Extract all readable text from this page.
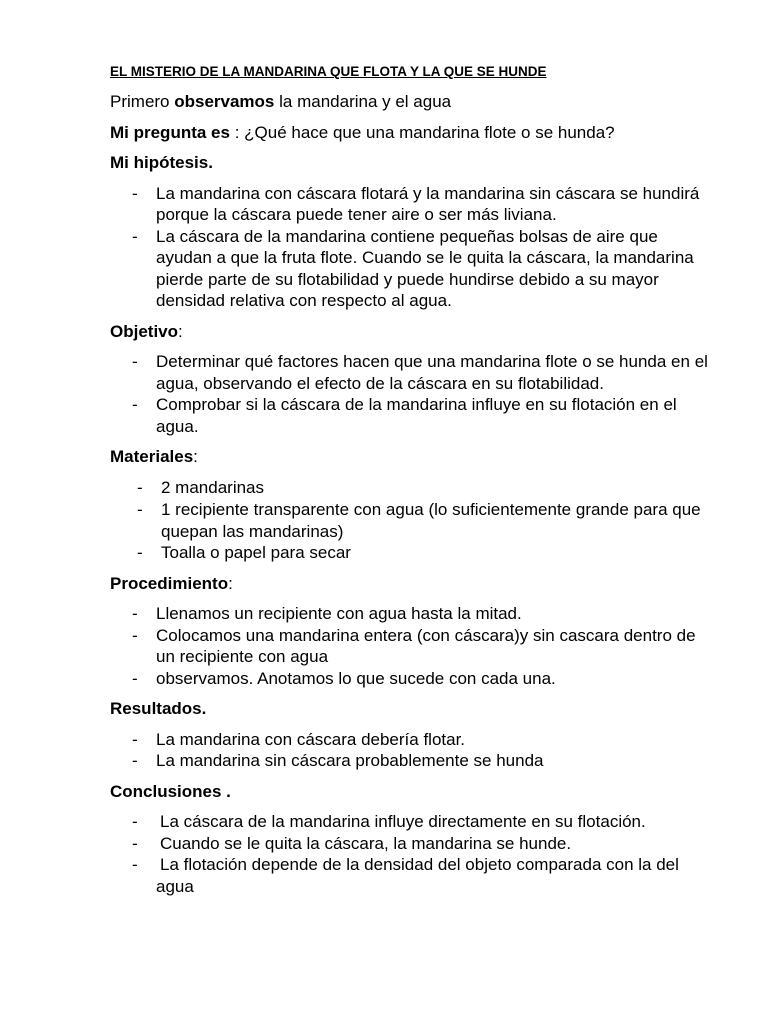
EL MISTERIO DE LA MANDARINA QUE FLOTA Y LA QUE SE HUNDE
Primero observamos la mandarina y el agua
Mi pregunta es : ¿Qué hace que una mandarina flote o se hunda?
Mi hipótesis.
- La mandarina con cáscara flotará y la mandarina sin cáscara se hundirá porque la cáscara puede tener aire o ser más liviana.
- La cáscara de la mandarina contiene pequeñas bolsas de aire que ayudan a que la fruta flote. Cuando se le quita la cáscara, la mandarina pierde parte de su flotabilidad y puede hundirse debido a su mayor densidad relativa con respecto al agua.
Objetivo:
- Determinar qué factores hacen que una mandarina flote o se hunda en el agua, observando el efecto de la cáscara en su flotabilidad.
- Comprobar si la cáscara de la mandarina influye en su flotación en el agua.
Materiales:
- 2 mandarinas
- 1 recipiente transparente con agua (lo suficientemente grande para que quepan las mandarinas)
- Toalla o papel para secar
Procedimiento:
- Llenamos un recipiente con agua hasta la mitad.
- Colocamos una mandarina entera (con cáscara)y sin cascara dentro de un recipiente con agua
- observamos. Anotamos lo que sucede con cada una.
Resultados.
- La mandarina con cáscara debería flotar.
- La mandarina sin cáscara probablemente se hunda
Conclusiones .
- La cáscara de la mandarina influye directamente en su flotación.
- Cuando se le quita la cáscara, la mandarina se hunde.
- La flotación depende de la densidad del objeto comparada con la del agua
